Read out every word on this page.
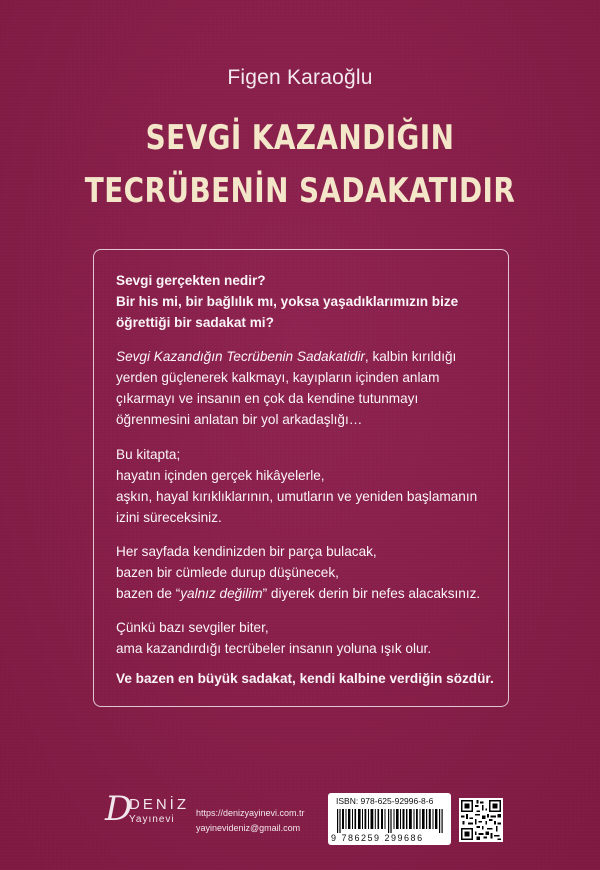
Figen Karaoğlu
SEVGİ KAZANDIĞIN
TECRÜBENİN SADAKATIDIR

Sevgi gerçekten nedir?

Bir his mi, bir bağlılık mı, yoksa yaşadıklarımızın bize

öğrettiği bir sadakat mi?

Sevgi Kazandığın Tecrübenin Sadakatidir, kalbin kırıldığı

yerden güçlenerek kalkmayı, kayıpların içinden anlam

çıkarmayı ve insanın en çok da kendine tutunmayı

öğrenmesini anlatan bir yol arkadaşlığı…

Bu kitapta;

hayatın içinden gerçek hikâyelerle,

aşkın, hayal kırıklıklarının, umutların ve yeniden başlamanın

izini süreceksiniz.

Her sayfada kendinizden bir parça bulacak,

bazen bir cümlede durup düşünecek,

bazen de “yalnız değilim” diyerek derin bir nefes alacaksınız.

Çünkü bazı sevgiler biter,

ama kazandırdığı tecrübeler insanın yoluna ışık olur.

Ve bazen en büyük sadakat, kendi kalbine verdiğin sözdür.
D
DENİZ
Yayınevi
https://denizyayinevi.com.tr
yayinevideniz@gmail.com
ISBN: 978-625-92996-8-6
9 786259 299686
